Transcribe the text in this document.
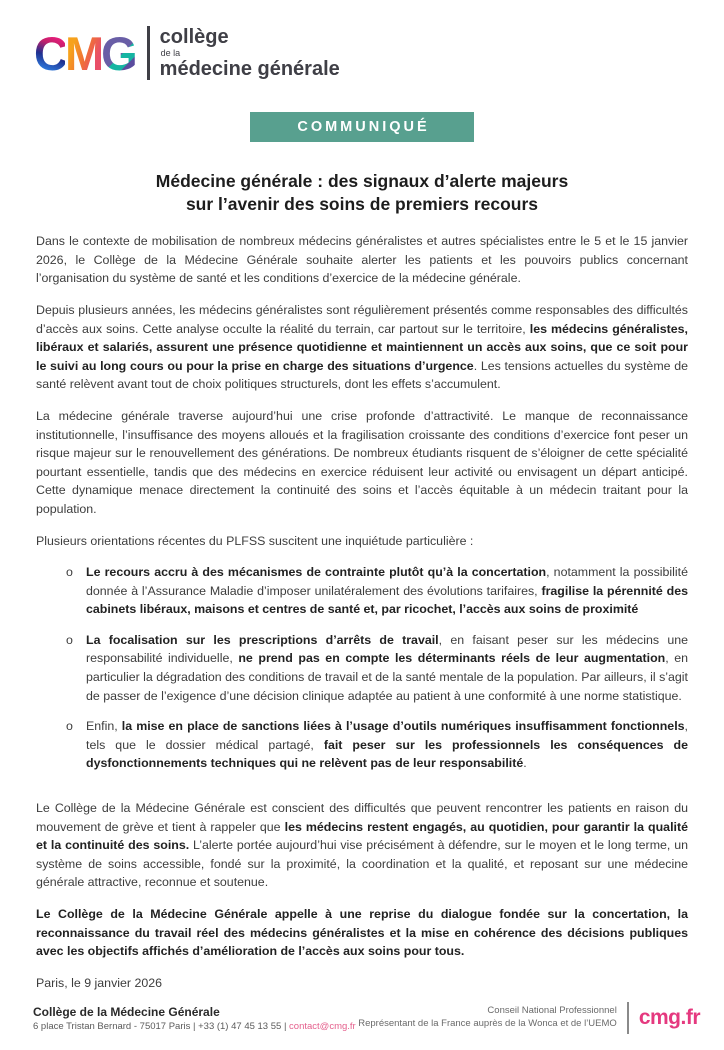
C M G collège
de la
médecine générale
COMMUNIQUÉ
Médecine générale : des signaux d’alerte majeurs
sur l’avenir des soins de premiers recours

Dans le contexte de mobilisation de nombreux médecins généralistes et autres spécialistes entre le 5 et le 15 janvier 2026, le Collège de la Médecine Générale souhaite alerter les patients et les pouvoirs publics concernant l’organisation du système de santé et les conditions d’exercice de la médecine générale.

Depuis plusieurs années, les médecins généralistes sont régulièrement présentés comme responsables des difficultés d’accès aux soins. Cette analyse occulte la réalité du terrain, car partout sur le territoire, les médecins généralistes, libéraux et salariés, assurent une présence quotidienne et maintiennent un accès aux soins, que ce soit pour le suivi au long cours ou pour la prise en charge des situations d’urgence. Les tensions actuelles du système de santé relèvent avant tout de choix politiques structurels, dont les effets s’accumulent.

La médecine générale traverse aujourd’hui une crise profonde d’attractivité. Le manque de reconnaissance institutionnelle, l’insuffisance des moyens alloués et la fragilisation croissante des conditions d’exercice font peser un risque majeur sur le renouvellement des générations. De nombreux étudiants risquent de s’éloigner de cette spécialité pourtant essentielle, tandis que des médecins en exercice réduisent leur activité ou envisagent un départ anticipé. Cette dynamique menace directement la continuité des soins et l’accès équitable à un médecin traitant pour la population.

Plusieurs orientations récentes du PLFSS suscitent une inquiétude particulière :

o Le recours accru à des mécanismes de contrainte plutôt qu’à la concertation, notamment la possibilité donnée à l’Assurance Maladie d’imposer unilatéralement des évolutions tarifaires, fragilise la pérennité des cabinets libéraux, maisons et centres de santé et, par ricochet, l’accès aux soins de proximité
o La focalisation sur les prescriptions d’arrêts de travail, en faisant peser sur les médecins une responsabilité individuelle, ne prend pas en compte les déterminants réels de leur augmentation, en particulier la dégradation des conditions de travail et de la santé mentale de la population. Par ailleurs, il s’agit de passer de l’exigence d’une décision clinique adaptée au patient à une conformité à une norme statistique.
o Enfin, la mise en place de sanctions liées à l’usage d’outils numériques insuffisamment fonctionnels, tels que le dossier médical partagé, fait peser sur les professionnels les conséquences de dysfonctionnements techniques qui ne relèvent pas de leur responsabilité.

Le Collège de la Médecine Générale est conscient des difficultés que peuvent rencontrer les patients en raison du mouvement de grève et tient à rappeler que les médecins restent engagés, au quotidien, pour garantir la qualité et la continuité des soins. L’alerte portée aujourd’hui vise précisément à défendre, sur le moyen et le long terme, un système de soins accessible, fondé sur la proximité, la coordination et la qualité, et reposant sur une médecine générale attractive, reconnue et soutenue.

Le Collège de la Médecine Générale appelle à une reprise du dialogue fondée sur la concertation, la reconnaissance du travail réel des médecins généralistes et la mise en cohérence des décisions publiques avec les objectifs affichés d’amélioration de l’accès aux soins pour tous.

Paris, le 9 janvier 2026

Collège de la Médecine Générale
6 place Tristan Bernard - 75017 Paris | +33 (1) 47 45 13 55 | contact@cmg.fr
Conseil National Professionnel
Représentant de la France auprès de la Wonca et de l’UEMO cmg.fr
